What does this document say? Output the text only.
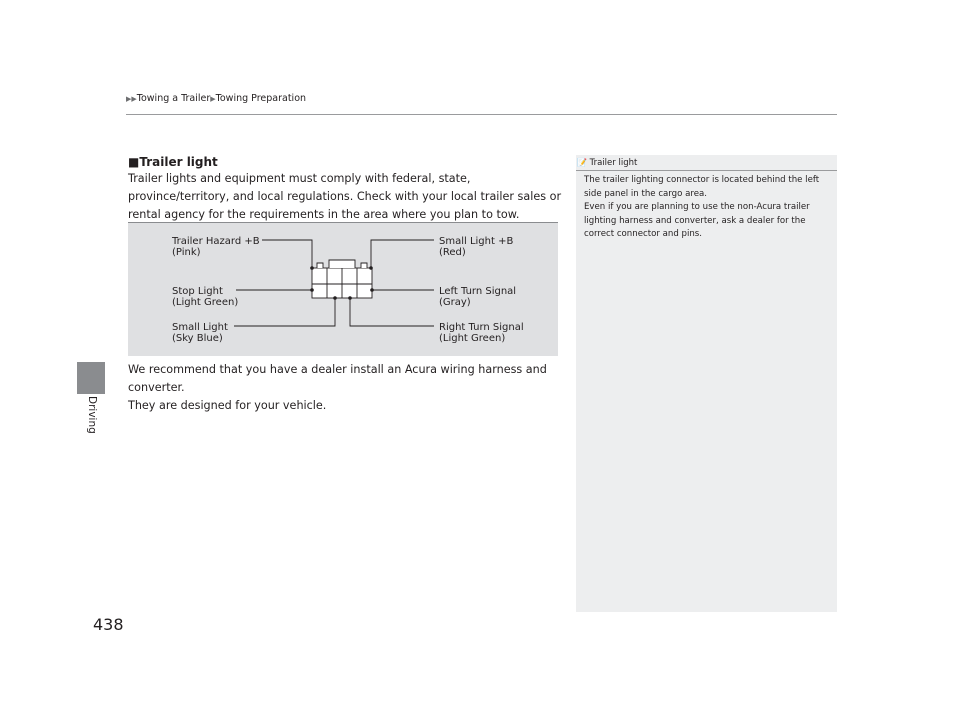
▶▶Towing a Trailer▶Towing Preparation
Driving
438
■Trailer light
Trailer lights and equipment must comply with federal, state, province/territory, and local regulations. Check with your local trailer sales or rental agency for the requirements in the area where you plan to tow.
Trailer Hazard +B
(Pink)
Stop Light
(Light Green)
Small Light
(Sky Blue)
Small Light +B
(Red)
Left Turn Signal
(Gray)
Right Turn Signal
(Light Green)
We recommend that you have a dealer install an Acura wiring harness and converter.
They are designed for your vehicle.
📝 Trailer light
The trailer lighting connector is located behind the left side panel in the cargo area.
Even if you are planning to use the non-Acura trailer lighting harness and converter, ask a dealer for the correct connector and pins.
